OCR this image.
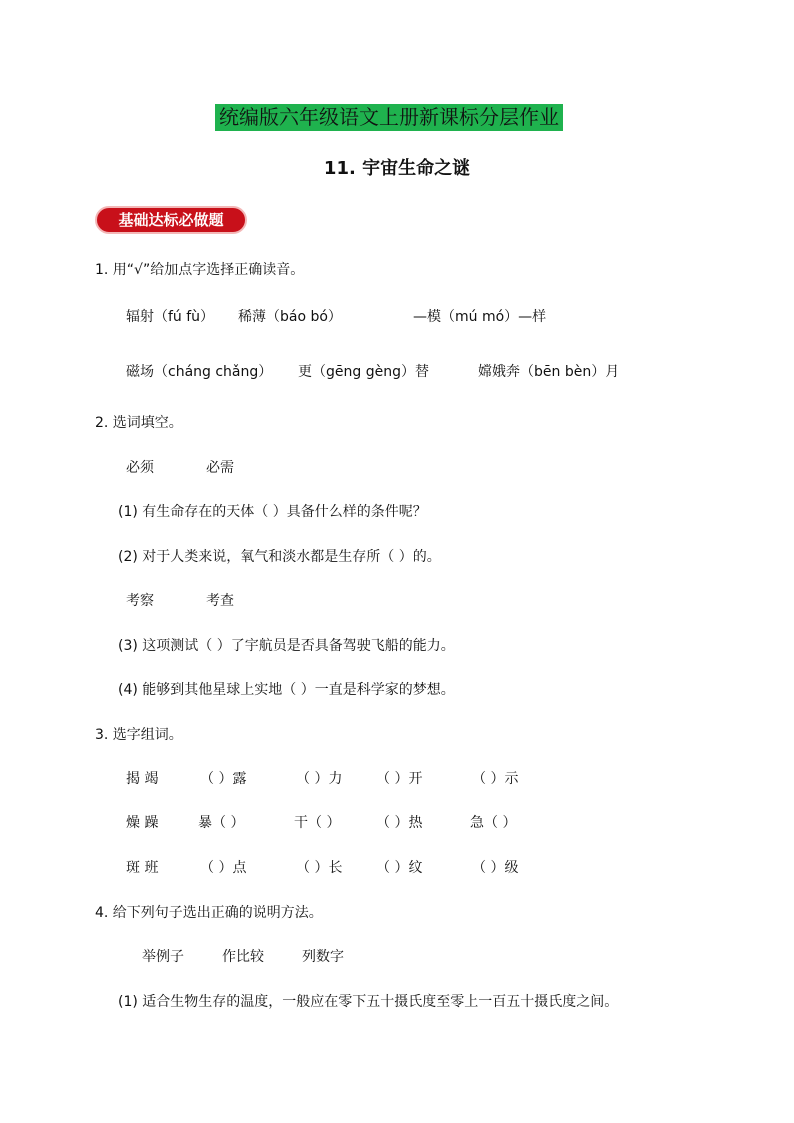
统编版六年级语文上册新课标分层作业
11. 宇宙生命之谜
基础达标必做题
1. 用“√”给加点字选择正确读音。
辐射（fú fù） 稀薄（báo bó）	—模（mú mó）—样
磁场（cháng chǎng） 更（gēng gèng）替	嫦娥奔（bēn bèn）月
2. 选词填空。
必须	必需
(1) 有生命存在的天体（ ）具备什么样的条件呢？
(2) 对于人类来说，氧气和淡水都是生存所（ ）的。
考察	考查
(3) 这项测试（ ）了宇航员是否具备驾驶飞船的能力。
(4) 能够到其他星球上实地（ ）一直是科学家的梦想。
3. 选字组词。
揭 竭	（ ）露	（ ）力 （ ）开	（ ）示
燥 躁	暴（ ）	干（ ）	（ ）热	急（ ）
斑 班	（ ）点	（ ）长 （ ）纹	（ ）级
4. 给下列句子选出正确的说明方法。
举例子	作比较	列数字
(1) 适合生物生存的温度，一般应在零下五十摄氏度至零上一百五十摄氏度之间。
